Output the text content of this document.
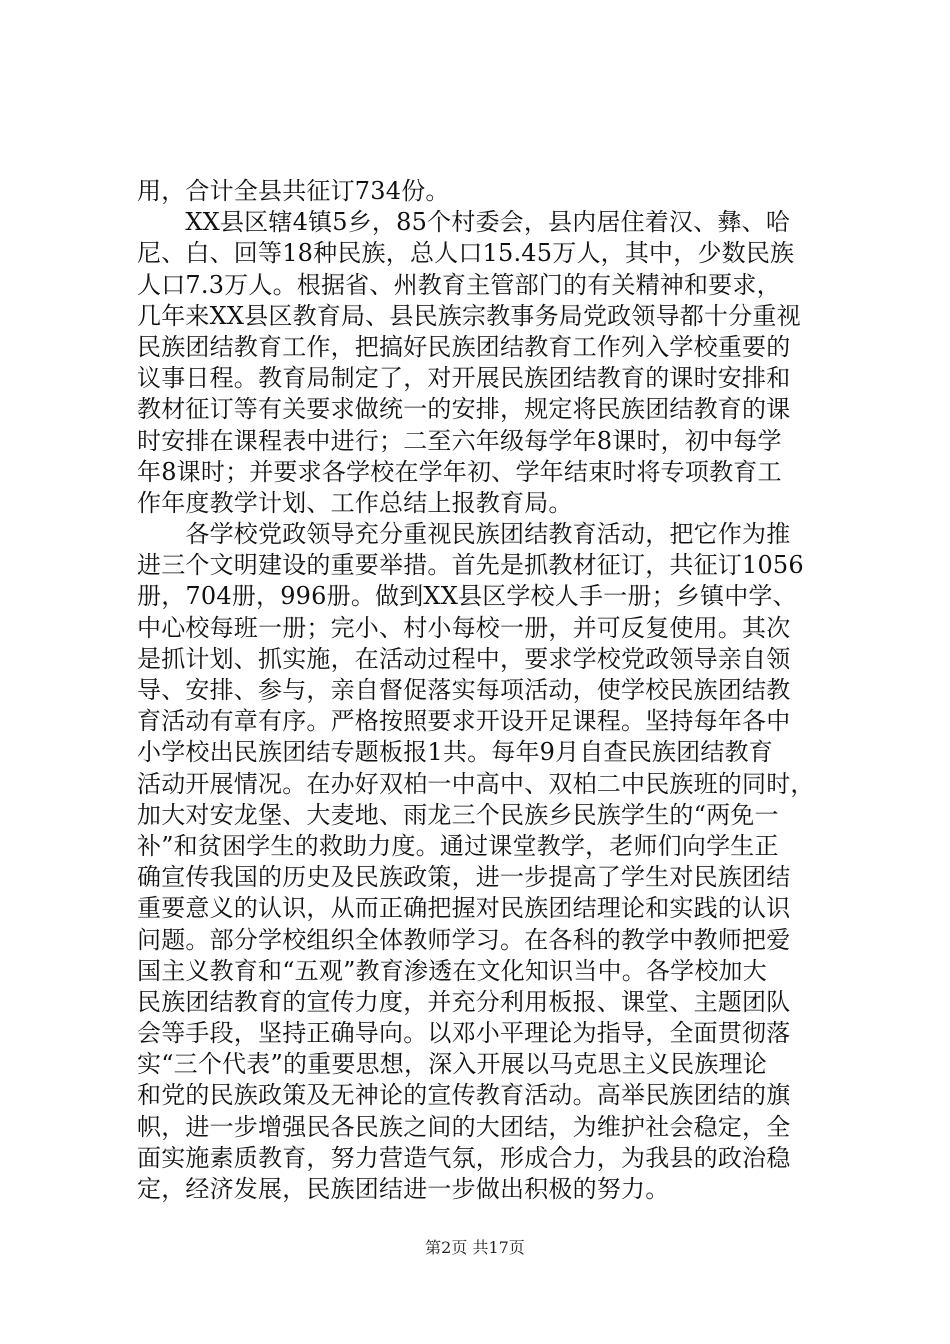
用，合计全县共征订734份。
　　XX县区辖4镇5乡，85个村委会，县内居住着汉、彝、哈
尼、白、回等18种民族，总人口15.45万人，其中，少数民族
人口7.3万人。根据省、州教育主管部门的有关精神和要求，
几年来XX县区教育局、县民族宗教事务局党政领导都十分重视
民族团结教育工作，把搞好民族团结教育工作列入学校重要的
议事日程。教育局制定了，对开展民族团结教育的课时安排和
教材征订等有关要求做统一的安排，规定将民族团结教育的课
时安排在课程表中进行；二至六年级每学年8课时，初中每学
年8课时；并要求各学校在学年初、学年结束时将专项教育工
作年度教学计划、工作总结上报教育局。
　　各学校党政领导充分重视民族团结教育活动，把它作为推
进三个文明建设的重要举措。首先是抓教材征订，共征订1056
册，704册，996册。做到XX县区学校人手一册；乡镇中学、
中心校每班一册；完小、村小每校一册，并可反复使用。其次
是抓计划、抓实施，在活动过程中，要求学校党政领导亲自领
导、安排、参与，亲自督促落实每项活动，使学校民族团结教
育活动有章有序。严格按照要求开设开足课程。坚持每年各中
小学校出民族团结专题板报1共。每年9月自查民族团结教育
活动开展情况。在办好双柏一中高中、双柏二中民族班的同时，
加大对安龙堡、大麦地、雨龙三个民族乡民族学生的“两免一
补”和贫困学生的救助力度。通过课堂教学，老师们向学生正
确宣传我国的历史及民族政策，进一步提高了学生对民族团结
重要意义的认识，从而正确把握对民族团结理论和实践的认识
问题。部分学校组织全体教师学习。在各科的教学中教师把爱
国主义教育和“五观”教育渗透在文化知识当中。各学校加大
民族团结教育的宣传力度，并充分利用板报、课堂、主题团队
会等手段，坚持正确导向。以邓小平理论为指导，全面贯彻落
实“三个代表”的重要思想，深入开展以马克思主义民族理论
和党的民族政策及无神论的宣传教育活动。高举民族团结的旗
帜，进一步增强民各民族之间的大团结，为维护社会稳定，全
面实施素质教育，努力营造气氛，形成合力，为我县的政治稳
定，经济发展，民族团结进一步做出积极的努力。
第2页 共17页
